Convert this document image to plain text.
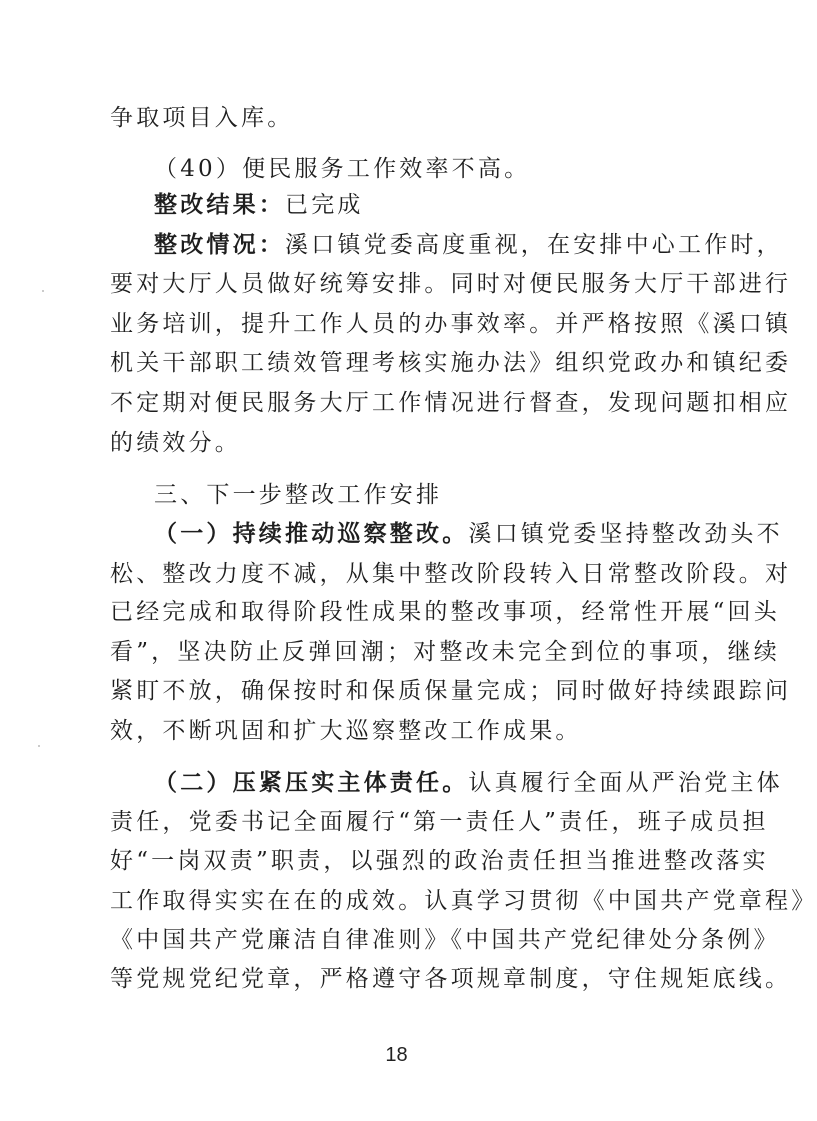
争取项目入库。
（40）便民服务工作效率不高。
整改结果：已完成
整改情况：溪口镇党委高度重视，在安排中心工作时，
要对大厅人员做好统筹安排。同时对便民服务大厅干部进行
业务培训，提升工作人员的办事效率。并严格按照《溪口镇
机关干部职工绩效管理考核实施办法》组织党政办和镇纪委
不定期对便民服务大厅工作情况进行督查，发现问题扣相应
的绩效分。
三、下一步整改工作安排
（一）持续推动巡察整改。溪口镇党委坚持整改劲头不
松、整改力度不减，从集中整改阶段转入日常整改阶段。对
已经完成和取得阶段性成果的整改事项，经常性开展“回头
看”，坚决防止反弹回潮；对整改未完全到位的事项，继续
紧盯不放，确保按时和保质保量完成；同时做好持续跟踪问
效，不断巩固和扩大巡察整改工作成果。
（二）压紧压实主体责任。认真履行全面从严治党主体
责任，党委书记全面履行“第一责任人”责任，班子成员担
好“一岗双责”职责，以强烈的政治责任担当推进整改落实
工作取得实实在在的成效。认真学习贯彻《中国共产党章程》
《中国共产党廉洁自律准则》《中国共产党纪律处分条例》
等党规党纪党章，严格遵守各项规章制度，守住规矩底线。
18
